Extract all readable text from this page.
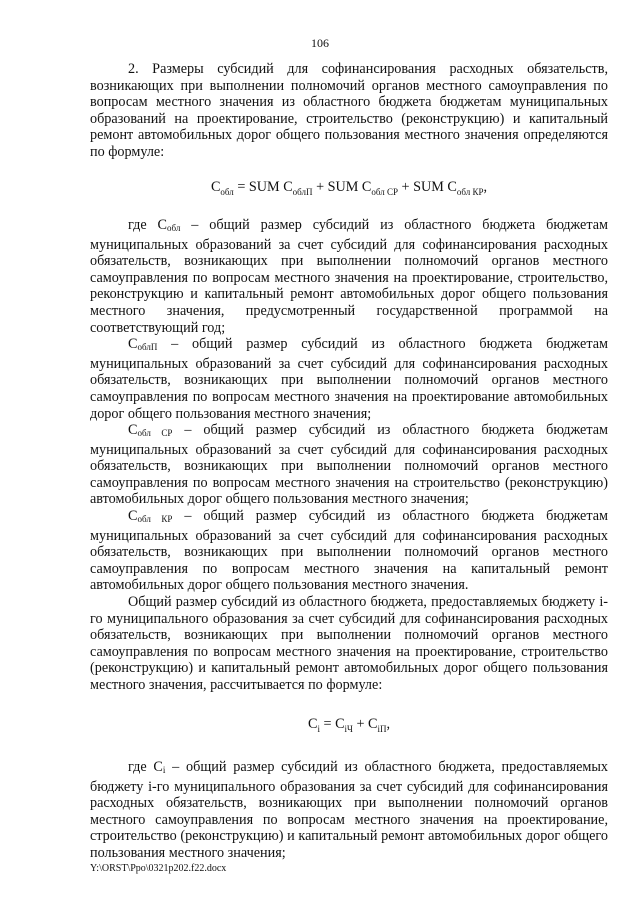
106

2. Размеры субсидий для софинансирования расходных обязательств, возникающих при выполнении полномочий органов местного самоуправления по вопросам местного значения из областного бюджета бюджетам муниципальных образований на проектирование, строительство (реконструкцию) и капитальный ремонт автомобильных дорог общего пользования местного значения определяются по формуле:

$С_{обл}$ = SUM $С_{облП}$ + SUM $С_{обл СР}$ + SUM $С_{обл КР}$,

где Собл – общий размер субсидий из областного бюджета бюджетам муниципальных образований за счет субсидий для софинансирования расходных обязательств, возникающих при выполнении полномочий органов местного самоуправления по вопросам местного значения на проектирование, строительство, реконструкцию и капитальный ремонт автомобильных дорог общего пользования местного значения, предусмотренный государственной программой на соответствующий год;

СоблП – общий размер субсидий из областного бюджета бюджетам муниципальных образований за счет субсидий для софинансирования расходных обязательств, возникающих при выполнении полномочий органов местного самоуправления по вопросам местного значения на проектирование автомобильных дорог общего пользования местного значения;

Собл СР – общий размер субсидий из областного бюджета бюджетам муниципальных образований за счет субсидий для софинансирования расходных обязательств, возникающих при выполнении полномочий органов местного самоуправления по вопросам местного значения на строительство (реконструкцию) автомобильных дорог общего пользования местного значения;

Собл КР – общий размер субсидий из областного бюджета бюджетам муниципальных образований за счет субсидий для софинансирования расходных обязательств, возникающих при выполнении полномочий органов местного самоуправления по вопросам местного значения на капитальный ремонт автомобильных дорог общего пользования местного значения.

Общий размер субсидий из областного бюджета, предоставляемых бюджету i-го муниципального образования за счет субсидий для софинансирования расходных обязательств, возникающих при выполнении полномочий органов местного самоуправления по вопросам местного значения на проектирование, строительство (реконструкцию) и капитальный ремонт автомобильных дорог общего пользования местного значения, рассчитывается по формуле:

$С_i = С_{iЧ} + С_{iП}$,

где Сi – общий размер субсидий из областного бюджета, предоставляемых бюджету i-го муниципального образования за счет субсидий для софинансирования расходных обязательств, возникающих при выполнении полномочий органов местного самоуправления по вопросам местного значения на проектирование, строительство (реконструкцию) и капитальный ремонт автомобильных дорог общего пользования местного значения;

Y:\ORST\Ppo\0321p202.f22.docx
